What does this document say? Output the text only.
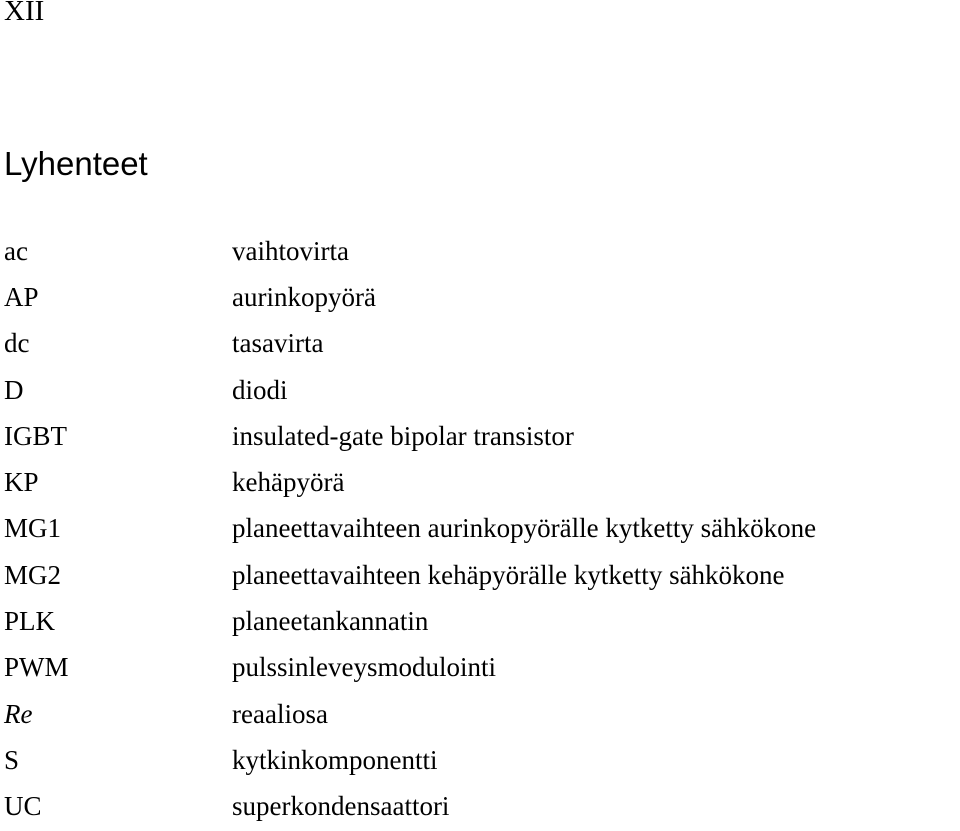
XII
Lyhenteet
ac	vaihtovirta
AP	aurinkopyörä
dc	tasavirta
D	diodi
IGBT	insulated-gate bipolar transistor
KP	kehäpyörä
MG1	planeettavaihteen aurinkopyörälle kytketty sähkökone
MG2	planeettavaihteen kehäpyörälle kytketty sähkökone
PLK	planeetankannatin
PWM	pulssinleveysmodulointi
Re	reaaliosa
S	kytkinkomponentti
UC	superkondensaattori
